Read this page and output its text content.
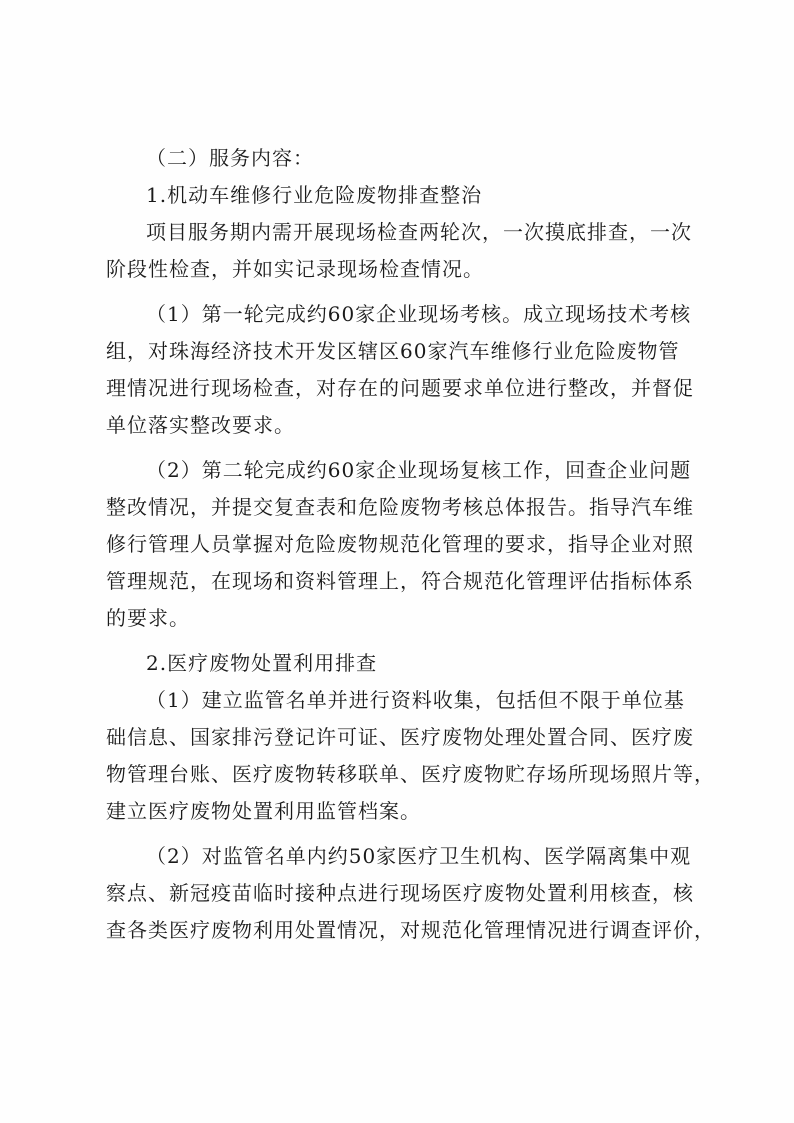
（二）服务内容：
1.机动车维修行业危险废物排查整治
项目服务期内需开展现场检查两轮次，一次摸底排查，一次
阶段性检查，并如实记录现场检查情况。
（1）第一轮完成约60家企业现场考核。成立现场技术考核
组，对珠海经济技术开发区辖区60家汽车维修行业危险废物管
理情况进行现场检查，对存在的问题要求单位进行整改，并督促
单位落实整改要求。
（2）第二轮完成约60家企业现场复核工作，回查企业问题
整改情况，并提交复查表和危险废物考核总体报告。指导汽车维
修行管理人员掌握对危险废物规范化管理的要求，指导企业对照
管理规范，在现场和资料管理上，符合规范化管理评估指标体系
的要求。
2.医疗废物处置利用排查
（1）建立监管名单并进行资料收集，包括但不限于单位基
础信息、国家排污登记许可证、医疗废物处理处置合同、医疗废
物管理台账、医疗废物转移联单、医疗废物贮存场所现场照片等，
建立医疗废物处置利用监管档案。
（2）对监管名单内约50家医疗卫生机构、医学隔离集中观
察点、新冠疫苗临时接种点进行现场医疗废物处置利用核查，核
查各类医疗废物利用处置情况，对规范化管理情况进行调查评价，
